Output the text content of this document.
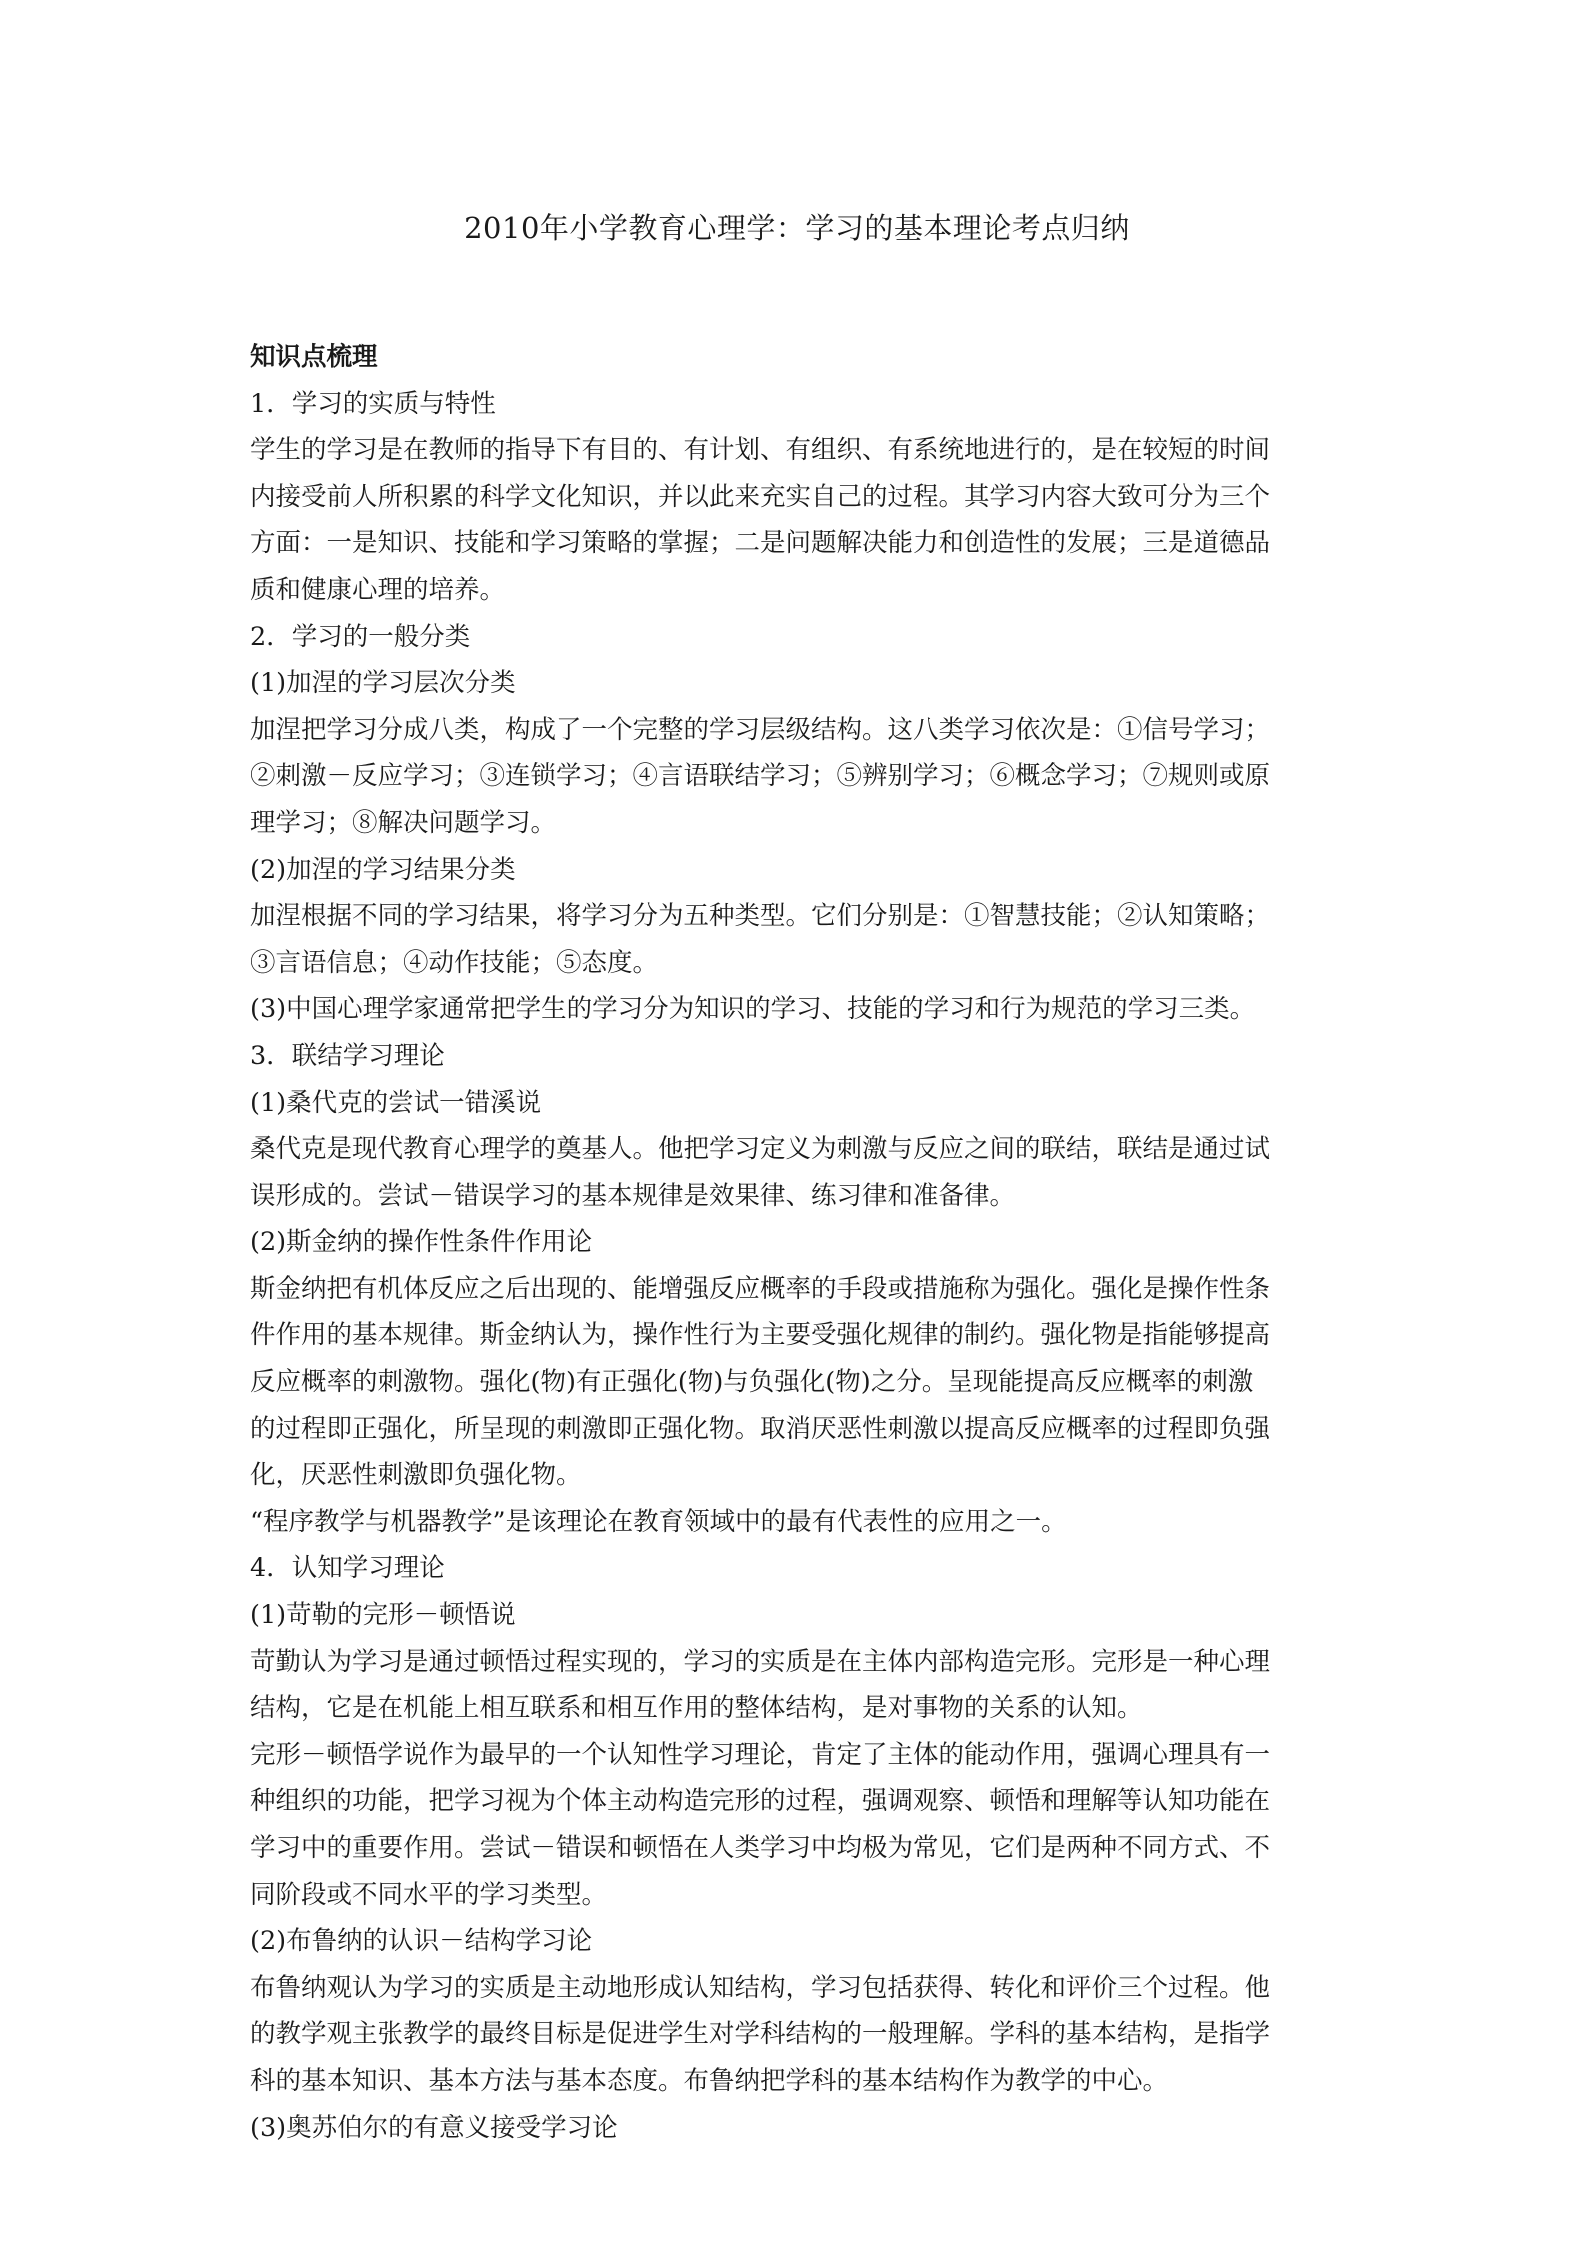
2010年小学教育心理学：学习的基本理论考点归纳
知识点梳理
1．学习的实质与特性
学生的学习是在教师的指导下有目的、有计划、有组织、有系统地进行的，是在较短的时间
内接受前人所积累的科学文化知识，并以此来充实自己的过程。其学习内容大致可分为三个
方面：一是知识、技能和学习策略的掌握；二是问题解决能力和创造性的发展；三是道德品
质和健康心理的培养。
2．学习的一般分类
(1)加涅的学习层次分类
加涅把学习分成八类，构成了一个完整的学习层级结构。这八类学习依次是：①信号学习；
②刺激－反应学习；③连锁学习；④言语联结学习；⑤辨别学习；⑥概念学习；⑦规则或原
理学习；⑧解决问题学习。
(2)加涅的学习结果分类
加涅根据不同的学习结果，将学习分为五种类型。它们分别是：①智慧技能；②认知策略；
③言语信息；④动作技能；⑤态度。
(3)中国心理学家通常把学生的学习分为知识的学习、技能的学习和行为规范的学习三类。
3．联结学习理论
(1)桑代克的尝试一错溪说
桑代克是现代教育心理学的奠基人。他把学习定义为刺激与反应之间的联结，联结是通过试
误形成的。尝试－错误学习的基本规律是效果律、练习律和准备律。
(2)斯金纳的操作性条件作用论
斯金纳把有机体反应之后出现的、能增强反应概率的手段或措施称为强化。强化是操作性条
件作用的基本规律。斯金纳认为，操作性行为主要受强化规律的制约。强化物是指能够提高
反应概率的刺激物。强化(物)有正强化(物)与负强化(物)之分。呈现能提高反应概率的刺激
的过程即正强化，所呈现的刺激即正强化物。取消厌恶性刺激以提高反应概率的过程即负强
化，厌恶性刺激即负强化物。
“程序教学与机器教学”是该理论在教育领域中的最有代表性的应用之一。
4．认知学习理论
(1)苛勒的完形－顿悟说
苛勤认为学习是通过顿悟过程实现的，学习的实质是在主体内部构造完形。完形是一种心理
结构，它是在机能上相互联系和相互作用的整体结构，是对事物的关系的认知。
完形－顿悟学说作为最早的一个认知性学习理论，肯定了主体的能动作用，强调心理具有一
种组织的功能，把学习视为个体主动构造完形的过程，强调观察、顿悟和理解等认知功能在
学习中的重要作用。尝试－错误和顿悟在人类学习中均极为常见，它们是两种不同方式、不
同阶段或不同水平的学习类型。
(2)布鲁纳的认识－结构学习论
布鲁纳观认为学习的实质是主动地形成认知结构，学习包括获得、转化和评价三个过程。他
的教学观主张教学的最终目标是促进学生对学科结构的一般理解。学科的基本结构，是指学
科的基本知识、基本方法与基本态度。布鲁纳把学科的基本结构作为教学的中心。
(3)奥苏伯尔的有意义接受学习论
